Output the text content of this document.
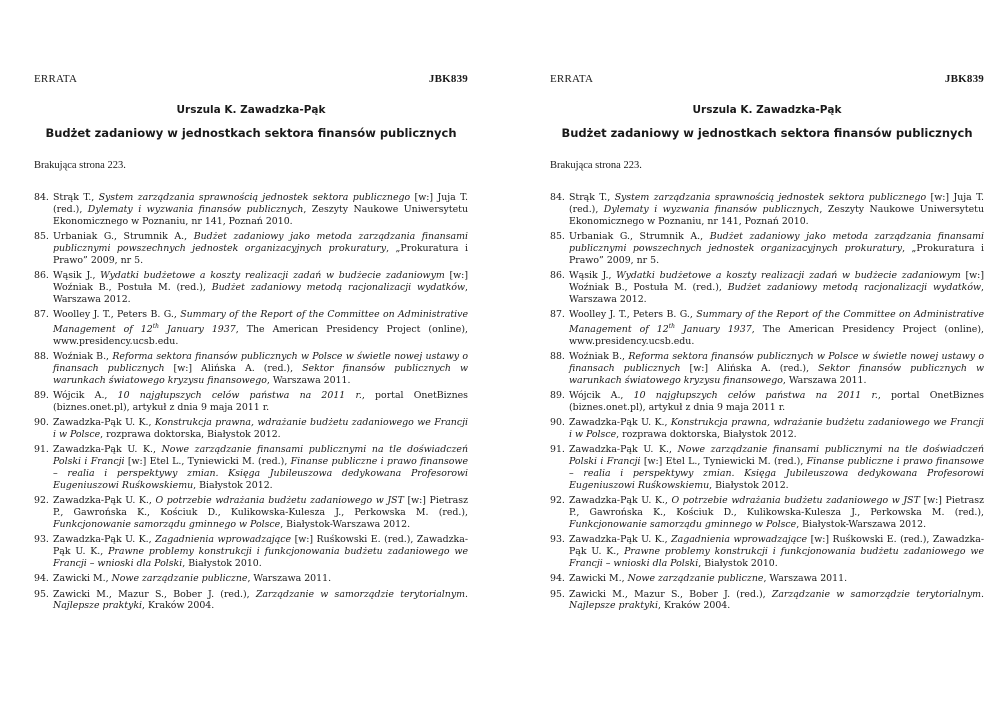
ERRATA	JBK839
Urszula K. Zawadzka-Pąk
Budżet zadaniowy w jednostkach sektora finansów publicznych
Brakująca strona 223.
84. Strąk T., System zarządzania sprawnością jednostek sektora publicznego [w:] Juja T. (red.), Dylematy i wyzwania finansów publicznych, Zeszyty Naukowe Uniwersytetu Ekonomicznego w Poznaniu, nr 141, Poznań 2010.
85. Urbaniak G., Strumnik A., Budżet zadaniowy jako metoda zarządzania finansami publicznymi powszechnych jednostek organizacyjnych prokuratury, „Prokuratura i Prawo” 2009, nr 5.
86. Wąsik J., Wydatki budżetowe a koszty realizacji zadań w budżecie zadaniowym [w:] Woźniak B., Postuła M. (red.), Budżet zadaniowy metodą racjonalizacji wydatków, Warszawa 2012.
87. Woolley J. T., Peters B. G., Summary of the Report of the Committee on Administrative Management of 12th January 1937, The American Presidency Project (online), www.presidency.ucsb.edu.
88. Woźniak B., Reforma sektora finansów publicznych w Polsce w świetle nowej ustawy o finansach publicznych [w:] Alińska A. (red.), Sektor finansów publicznych w warunkach światowego kryzysu finansowego, Warszawa 2011.
89. Wójcik A., 10 najgłupszych celów państwa na 2011 r., portal OnetBiznes (biznes.onet.pl), artykuł z dnia 9 maja 2011 r.
90. Zawadzka-Pąk U. K., Konstrukcja prawna, wdrażanie budżetu zadaniowego we Francji i w Polsce, rozprawa doktorska, Białystok 2012.
91. Zawadzka-Pąk U. K., Nowe zarządzanie finansami publicznymi na tle doświadczeń Polski i Francji [w:] Etel L., Tyniewicki M. (red.), Finanse publiczne i prawo finansowe – realia i perspektywy zmian. Księga Jubileuszowa dedykowana Profesorowi Eugeniuszowi Ruśkowskiemu, Białystok 2012.
92. Zawadzka-Pąk U. K., O potrzebie wdrażania budżetu zadaniowego w JST [w:] Pietrasz P., Gawrońska K., Kościuk D., Kulikowska-Kulesza J., Perkowska M. (red.), Funkcjonowanie samorządu gminnego w Polsce, Białystok-Warszawa 2012.
93. Zawadzka-Pąk U. K., Zagadnienia wprowadzające [w:] Ruśkowski E. (red.), Zawadzka-Pąk U. K., Prawne problemy konstrukcji i funkcjonowania budżetu zadaniowego we Francji – wnioski dla Polski, Białystok 2010.
94. Zawicki M., Nowe zarządzanie publiczne, Warszawa 2011.
95. Zawicki M., Mazur S., Bober J. (red.), Zarządzanie w samorządzie terytorialnym. Najlepsze praktyki, Kraków 2004.
ERRATA	JBK839
Urszula K. Zawadzka-Pąk
Budżet zadaniowy w jednostkach sektora finansów publicznych
Brakująca strona 223.
84. Strąk T., System zarządzania sprawnością jednostek sektora publicznego [w:] Juja T. (red.), Dylematy i wyzwania finansów publicznych, Zeszyty Naukowe Uniwersytetu Ekonomicznego w Poznaniu, nr 141, Poznań 2010.
85. Urbaniak G., Strumnik A., Budżet zadaniowy jako metoda zarządzania finansami publicznymi powszechnych jednostek organizacyjnych prokuratury, „Prokuratura i Prawo” 2009, nr 5.
86. Wąsik J., Wydatki budżetowe a koszty realizacji zadań w budżecie zadaniowym [w:] Woźniak B., Postuła M. (red.), Budżet zadaniowy metodą racjonalizacji wydatków, Warszawa 2012.
87. Woolley J. T., Peters B. G., Summary of the Report of the Committee on Administrative Management of 12th January 1937, The American Presidency Project (online), www.presidency.ucsb.edu.
88. Woźniak B., Reforma sektora finansów publicznych w Polsce w świetle nowej ustawy o finansach publicznych [w:] Alińska A. (red.), Sektor finansów publicznych w warunkach światowego kryzysu finansowego, Warszawa 2011.
89. Wójcik A., 10 najgłupszych celów państwa na 2011 r., portal OnetBiznes (biznes.onet.pl), artykuł z dnia 9 maja 2011 r.
90. Zawadzka-Pąk U. K., Konstrukcja prawna, wdrażanie budżetu zadaniowego we Francji i w Polsce, rozprawa doktorska, Białystok 2012.
91. Zawadzka-Pąk U. K., Nowe zarządzanie finansami publicznymi na tle doświadczeń Polski i Francji [w:] Etel L., Tyniewicki M. (red.), Finanse publiczne i prawo finansowe – realia i perspektywy zmian. Księga Jubileuszowa dedykowana Profesorowi Eugeniuszowi Ruśkowskiemu, Białystok 2012.
92. Zawadzka-Pąk U. K., O potrzebie wdrażania budżetu zadaniowego w JST [w:] Pietrasz P., Gawrońska K., Kościuk D., Kulikowska-Kulesza J., Perkowska M. (red.), Funkcjonowanie samorządu gminnego w Polsce, Białystok-Warszawa 2012.
93. Zawadzka-Pąk U. K., Zagadnienia wprowadzające [w:] Ruśkowski E. (red.), Zawadzka-Pąk U. K., Prawne problemy konstrukcji i funkcjonowania budżetu zadaniowego we Francji – wnioski dla Polski, Białystok 2010.
94. Zawicki M., Nowe zarządzanie publiczne, Warszawa 2011.
95. Zawicki M., Mazur S., Bober J. (red.), Zarządzanie w samorządzie terytorialnym. Najlepsze praktyki, Kraków 2004.
